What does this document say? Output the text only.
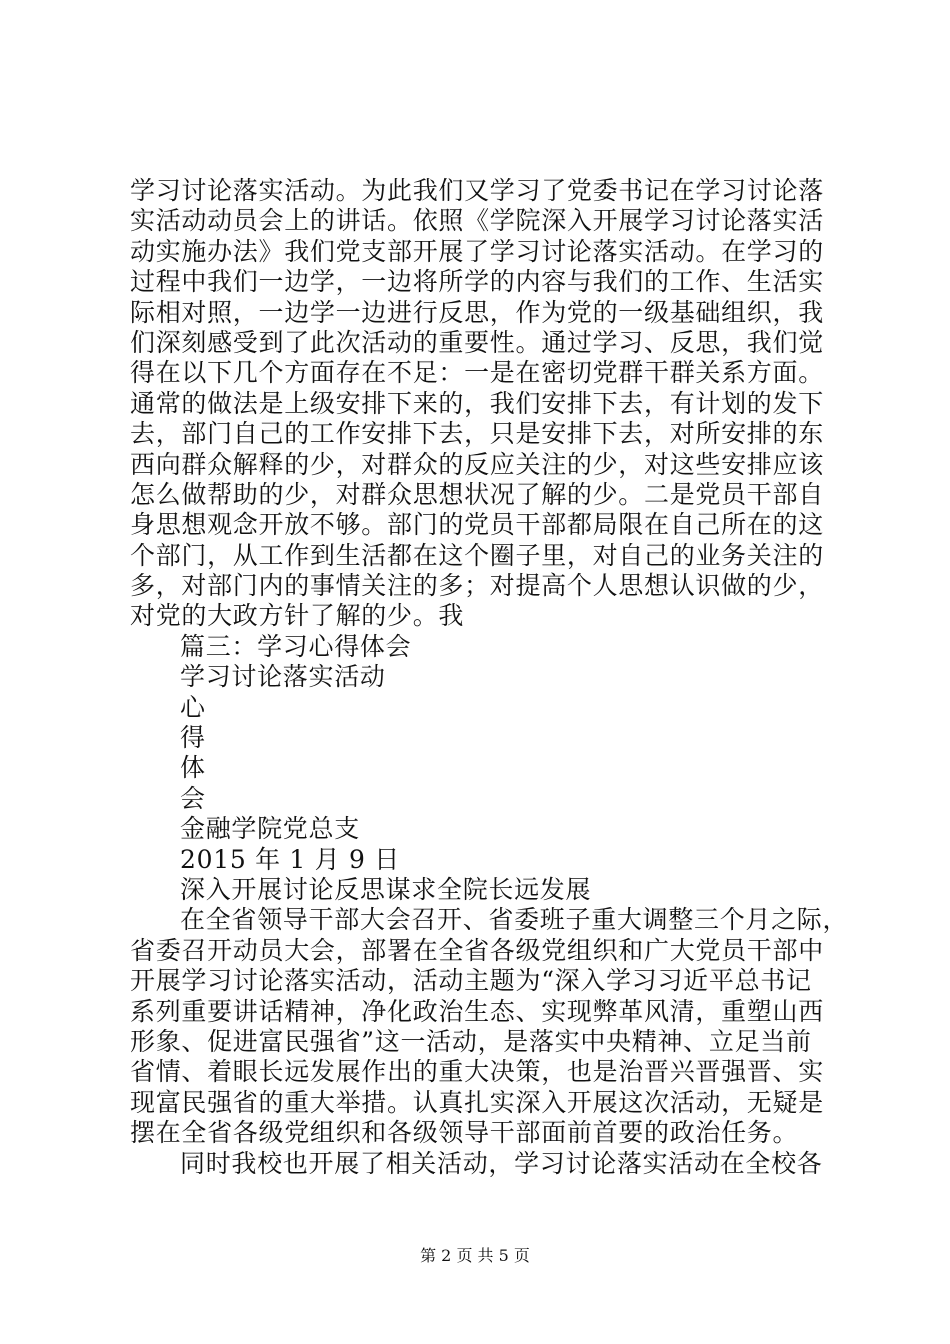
学习讨论落实活动。为此我们又学习了党委书记在学习讨论落
实活动动员会上的讲话。依照《学院深入开展学习讨论落实活
动实施办法》我们党支部开展了学习讨论落实活动。在学习的
过程中我们一边学，一边将所学的内容与我们的工作、生活实
际相对照，一边学一边进行反思，作为党的一级基础组织，我
们深刻感受到了此次活动的重要性。通过学习、反思，我们觉
得在以下几个方面存在不足：一是在密切党群干群关系方面。
通常的做法是上级安排下来的，我们安排下去，有计划的发下
去，部门自己的工作安排下去，只是安排下去，对所安排的东
西向群众解释的少，对群众的反应关注的少，对这些安排应该
怎么做帮助的少，对群众思想状况了解的少。二是党员干部自
身思想观念开放不够。部门的党员干部都局限在自己所在的这
个部门，从工作到生活都在这个圈子里，对自己的业务关注的
多，对部门内的事情关注的多；对提高个人思想认识做的少，
对党的大政方针了解的少。我
篇三：学习心得体会
学习讨论落实活动
心
得
体
会
金融学院党总支
2015 年 1 月 9 日
深入开展讨论反思谋求全院长远发展
在全省领导干部大会召开、省委班子重大调整三个月之际，
省委召开动员大会，部署在全省各级党组织和广大党员干部中
开展学习讨论落实活动，活动主题为“深入学习习近平总书记
系列重要讲话精神，净化政治生态、实现弊革风清，重塑山西
形象、促进富民强省”这一活动，是落实中央精神、立足当前
省情、着眼长远发展作出的重大决策，也是治晋兴晋强晋、实
现富民强省的重大举措。认真扎实深入开展这次活动，无疑是
摆在全省各级党组织和各级领导干部面前首要的政治任务。
同时我校也开展了相关活动，学习讨论落实活动在全校各
第 2 页 共 5 页
